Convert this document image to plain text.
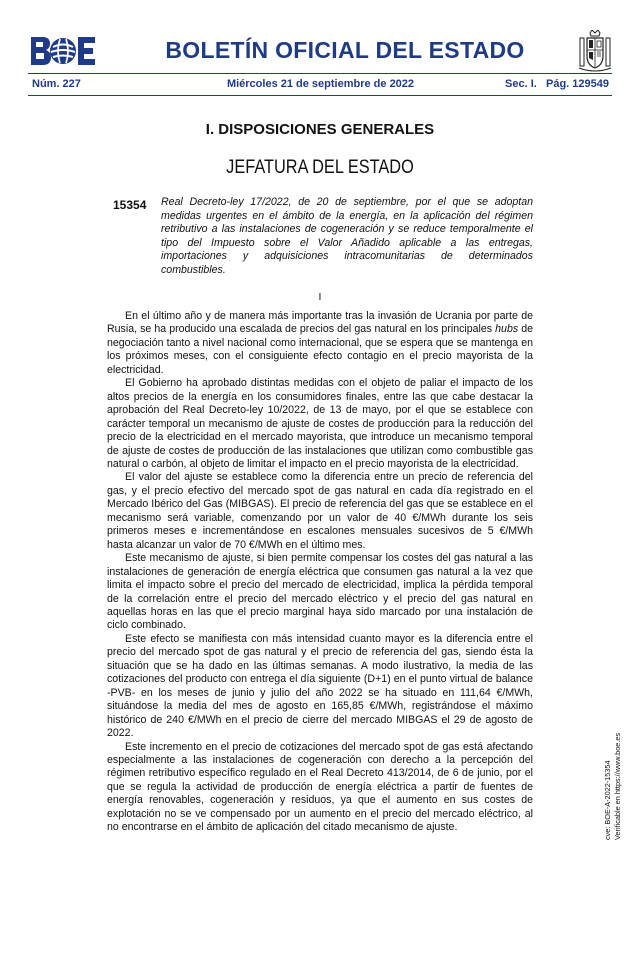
BOLETÍN OFICIAL DEL ESTADO
Núm. 227	Miércoles 21 de septiembre de 2022	Sec. I.   Pág. 129549
I. DISPOSICIONES GENERALES
JEFATURA DEL ESTADO
15354 Real Decreto-ley 17/2022, de 20 de septiembre, por el que se adoptan medidas urgentes en el ámbito de la energía, en la aplicación del régimen retributivo a las instalaciones de cogeneración y se reduce temporalmente el tipo del Impuesto sobre el Valor Añadido aplicable a las entregas, importaciones y adquisiciones intracomunitarias de determinados combustibles.
I

En el último año y de manera más importante tras la invasión de Ucrania por parte de Rusia, se ha producido una escalada de precios del gas natural en los principales hubs de negociación tanto a nivel nacional como internacional, que se espera que se mantenga en los próximos meses, con el consiguiente efecto contagio en el precio mayorista de la electricidad.

El Gobierno ha aprobado distintas medidas con el objeto de paliar el impacto de los altos precios de la energía en los consumidores finales, entre las que cabe destacar la aprobación del Real Decreto-ley 10/2022, de 13 de mayo, por el que se establece con carácter temporal un mecanismo de ajuste de costes de producción para la reducción del precio de la electricidad en el mercado mayorista, que introduce un mecanismo temporal de ajuste de costes de producción de las instalaciones que utilizan como combustible gas natural o carbón, al objeto de limitar el impacto en el precio mayorista de la electricidad.

El valor del ajuste se establece como la diferencia entre un precio de referencia del gas, y el precio efectivo del mercado spot de gas natural en cada día registrado en el Mercado Ibérico del Gas (MIBGAS). El precio de referencia del gas que se establece en el mecanismo será variable, comenzando por un valor de 40 €/MWh durante los seis primeros meses e incrementándose en escalones mensuales sucesivos de 5 €/MWh hasta alcanzar un valor de 70 €/MWh en el último mes.

Este mecanismo de ajuste, si bien permite compensar los costes del gas natural a las instalaciones de generación de energía eléctrica que consumen gas natural a la vez que limita el impacto sobre el precio del mercado de electricidad, implica la pérdida temporal de la correlación entre el precio del mercado eléctrico y el precio del gas natural en aquellas horas en las que el precio marginal haya sido marcado por una instalación de ciclo combinado.

Este efecto se manifiesta con más intensidad cuanto mayor es la diferencia entre el precio del mercado spot de gas natural y el precio de referencia del gas, siendo ésta la situación que se ha dado en las últimas semanas. A modo ilustrativo, la media de las cotizaciones del producto con entrega el día siguiente (D+1) en el punto virtual de balance -PVB- en los meses de junio y julio del año 2022 se ha situado en 111,64 €/MWh, situándose la media del mes de agosto en 165,85 €/MWh, registrándose el máximo histórico de 240 €/MWh en el precio de cierre del mercado MIBGAS el 29 de agosto de 2022.

Este incremento en el precio de cotizaciones del mercado spot de gas está afectando especialmente a las instalaciones de cogeneración con derecho a la percepción del régimen retributivo específico regulado en el Real Decreto 413/2014, de 6 de junio, por el que se regula la actividad de producción de energía eléctrica a partir de fuentes de energía renovables, cogeneración y residuos, ya que el aumento en sus costes de explotación no se ve compensado por un aumento en el precio del mercado eléctrico, al no encontrarse en el ámbito de aplicación del citado mecanismo de ajuste.	cve: BOE-A-2022-15354 Verificable en https://www.boe.es
